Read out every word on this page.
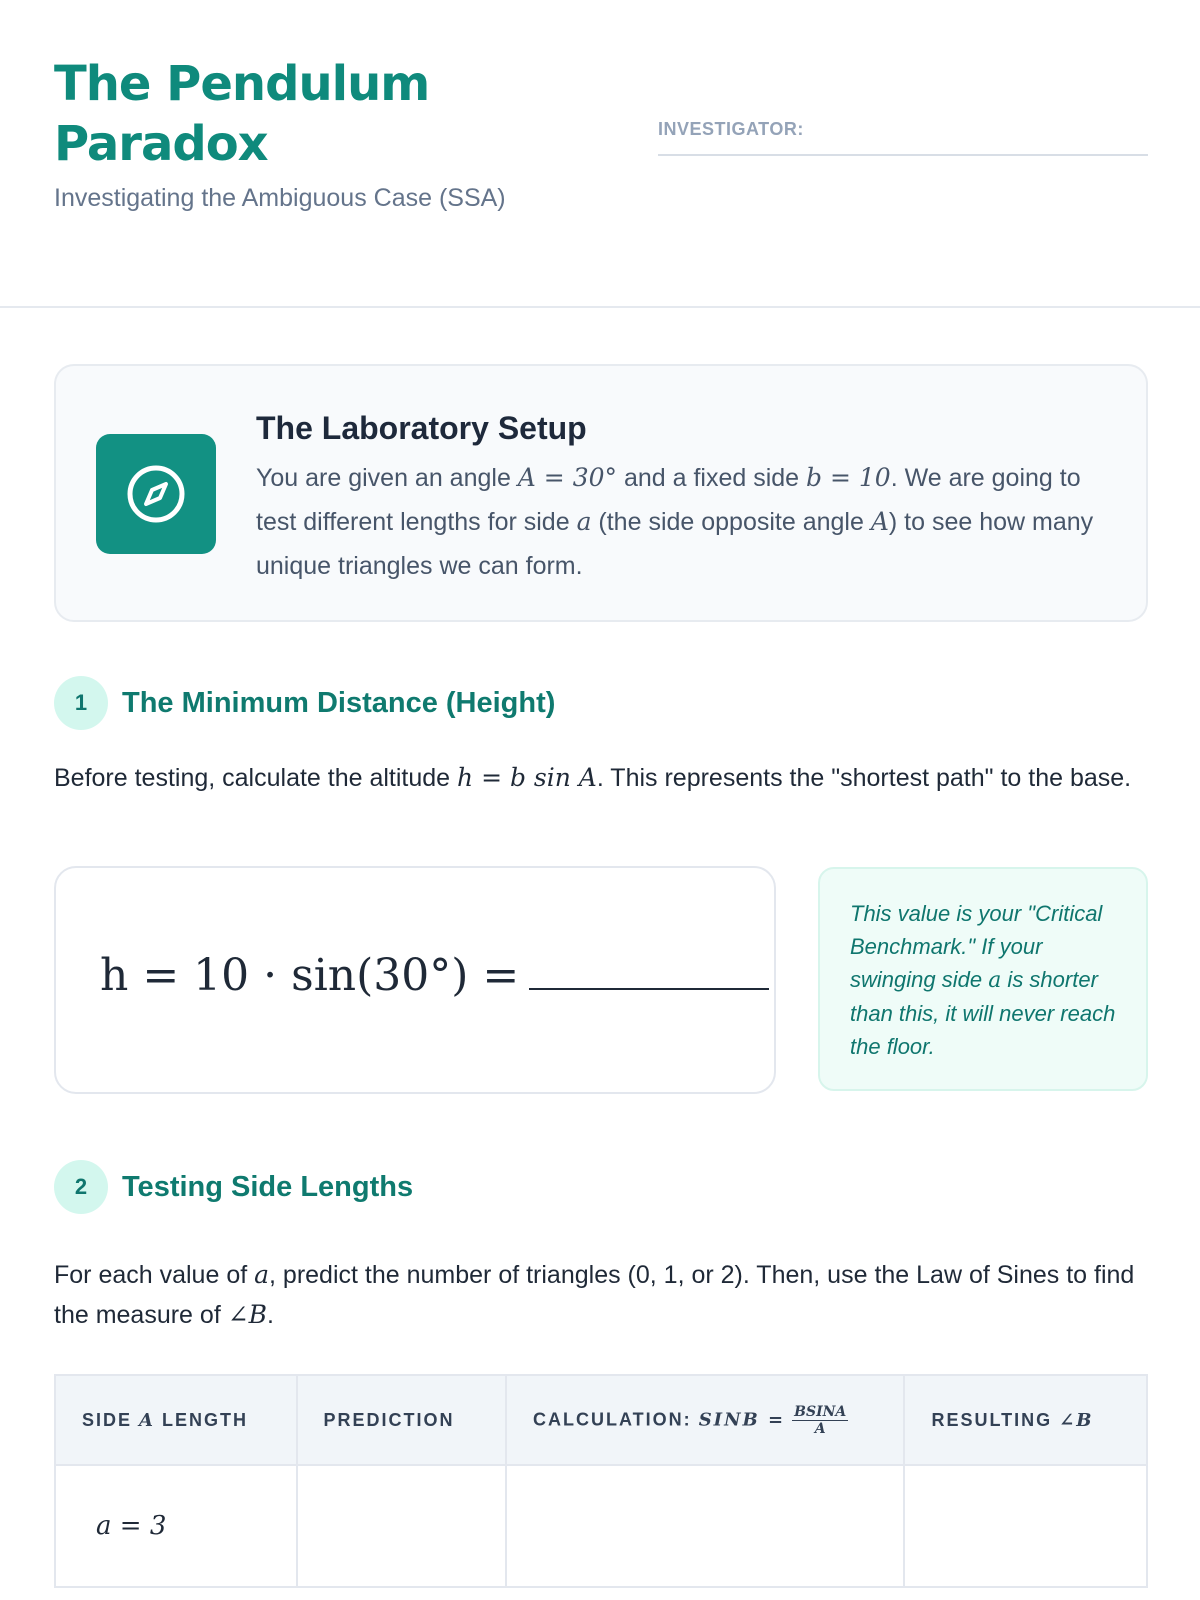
The Pendulum Paradox
Investigating the Ambiguous Case (SSA)
INVESTIGATOR:
The Laboratory Setup
You are given an angle A = 30° and a fixed side b = 10. We are going to test different lengths for side a (the side opposite angle A) to see how many unique triangles we can form.
1	The Minimum Distance (Height)
Before testing, calculate the altitude h = b sin A. This represents the "shortest path" to the base.
h = 10 · sin(30°) =
This value is your "Critical Benchmark." If your swinging side a is shorter than this, it will never reach the floor.
2	Testing Side Lengths
For each value of a, predict the number of triangles (0, 1, or 2). Then, use the Law of Sines to find the measure of ∠B.
SIDE A LENGTH	PREDICTION	CALCULATION: SINB = $\frac{\text{BSINA}}{A}$	RESULTING ∠B
a = 3			
